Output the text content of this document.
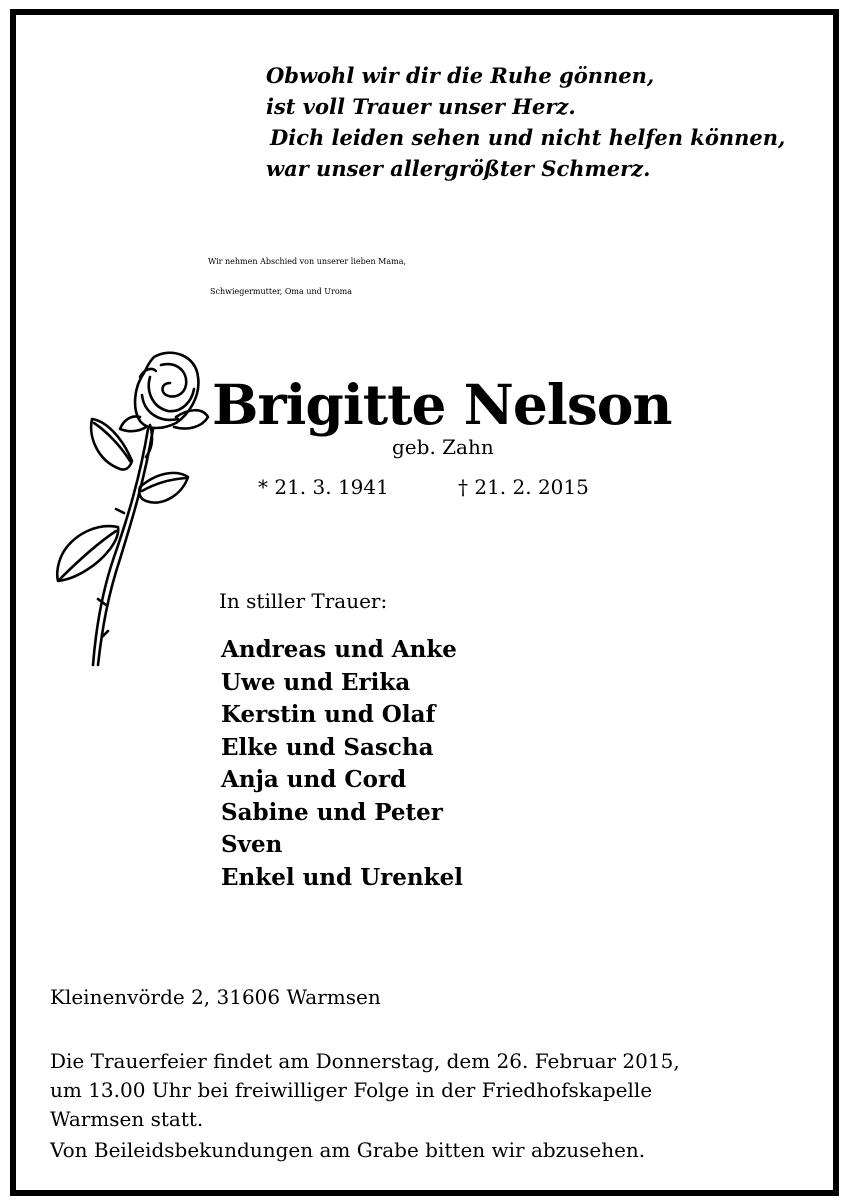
Obwohl wir dir die Ruhe gönnen,
ist voll Trauer unser Herz.
Dich leiden sehen und nicht helfen können,
war unser allergrößter Schmerz.
Wir nehmen Abschied von unserer lieben Mama,
Schwiegermutter, Oma und Uroma
Brigitte Nelson
geb. Zahn
* 21. 3. 1941	† 21. 2. 2015
In stiller Trauer:
Andreas und Anke
Uwe und Erika
Kerstin und Olaf
Elke und Sascha
Anja und Cord
Sabine und Peter
Sven
Enkel und Urenkel
Kleinenvörde 2, 31606 Warmsen
Die Trauerfeier findet am Donnerstag, dem 26. Februar 2015,
um 13.00 Uhr bei freiwilliger Folge in der Friedhofskapelle
Warmsen statt.
Von Beileidsbekundungen am Grabe bitten wir abzusehen.
